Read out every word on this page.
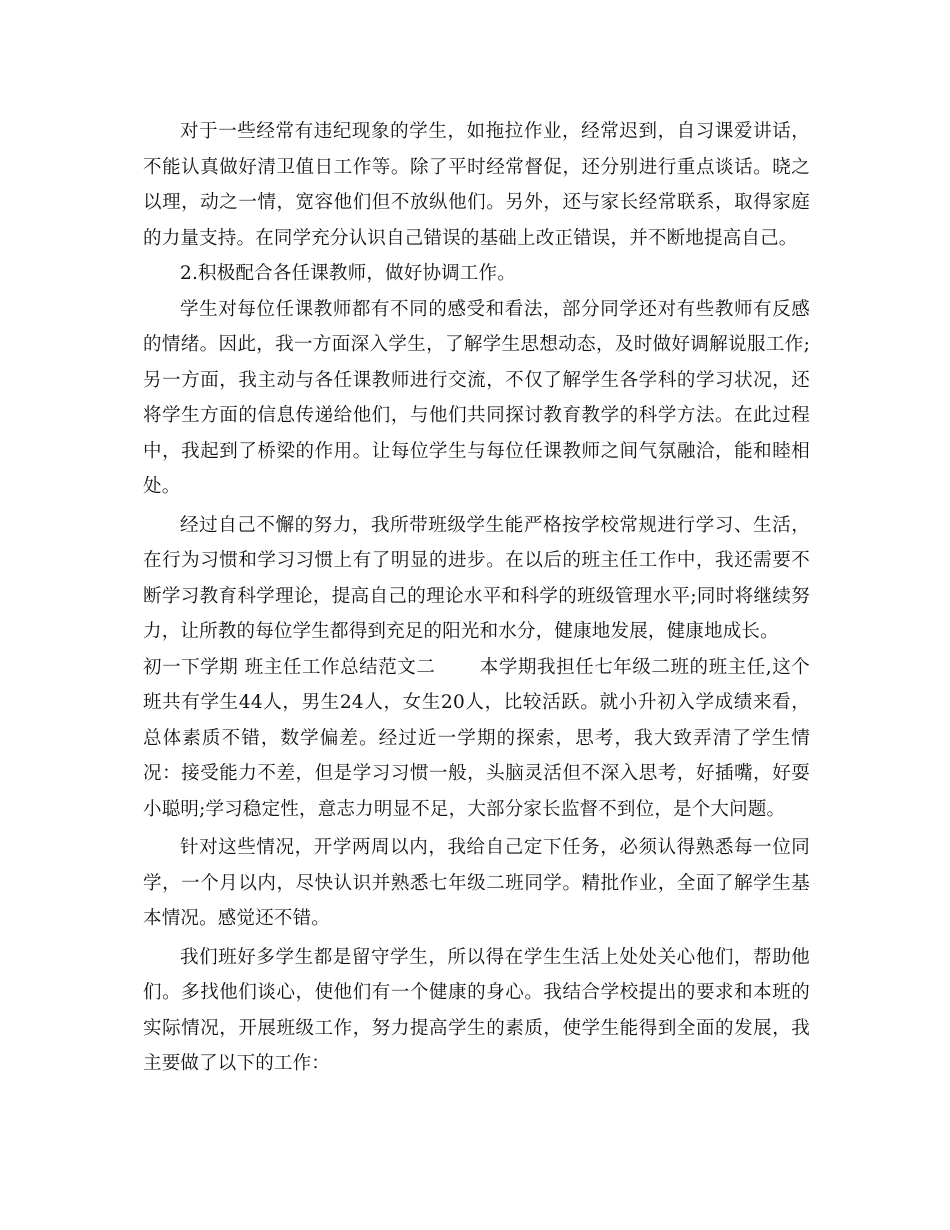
对于一些经常有违纪现象的学生，如拖拉作业，经常迟到，自习课爱讲话，不能认真做好清卫值日工作等。除了平时经常督促，还分别进行重点谈话。晓之以理，动之一情，宽容他们但不放纵他们。另外，还与家长经常联系，取得家庭的力量支持。在同学充分认识自己错误的基础上改正错误，并不断地提高自己。

2.积极配合各任课教师，做好协调工作。

学生对每位任课教师都有不同的感受和看法，部分同学还对有些教师有反感的情绪。因此，我一方面深入学生，了解学生思想动态，及时做好调解说服工作;另一方面，我主动与各任课教师进行交流，不仅了解学生各学科的学习状况，还将学生方面的信息传递给他们，与他们共同探讨教育教学的科学方法。在此过程中，我起到了桥梁的作用。让每位学生与每位任课教师之间气氛融洽，能和睦相处。

经过自己不懈的努力，我所带班级学生能严格按学校常规进行学习、生活，在行为习惯和学习习惯上有了明显的进步。在以后的班主任工作中，我还需要不断学习教育科学理论，提高自己的理论水平和科学的班级管理水平;同时将继续努力，让所教的每位学生都得到充足的阳光和水分，健康地发展，健康地成长。

初一下学期 班主任工作总结范文二 本学期我担任七年级二班的班主任,这个班共有学生44人，男生24人，女生20人，比较活跃。就小升初入学成绩来看，总体素质不错，数学偏差。经过近一学期的探索，思考，我大致弄清了学生情况：接受能力不差，但是学习习惯一般，头脑灵活但不深入思考，好插嘴，好耍小聪明;学习稳定性，意志力明显不足，大部分家长监督不到位，是个大问题。

针对这些情况，开学两周以内，我给自己定下任务，必须认得熟悉每一位同学，一个月以内，尽快认识并熟悉七年级二班同学。精批作业，全面了解学生基本情况。感觉还不错。

我们班好多学生都是留守学生，所以得在学生生活上处处关心他们，帮助他们。多找他们谈心，使他们有一个健康的身心。我结合学校提出的要求和本班的实际情况，开展班级工作，努力提高学生的素质，使学生能得到全面的发展，我主要做了以下的工作：
